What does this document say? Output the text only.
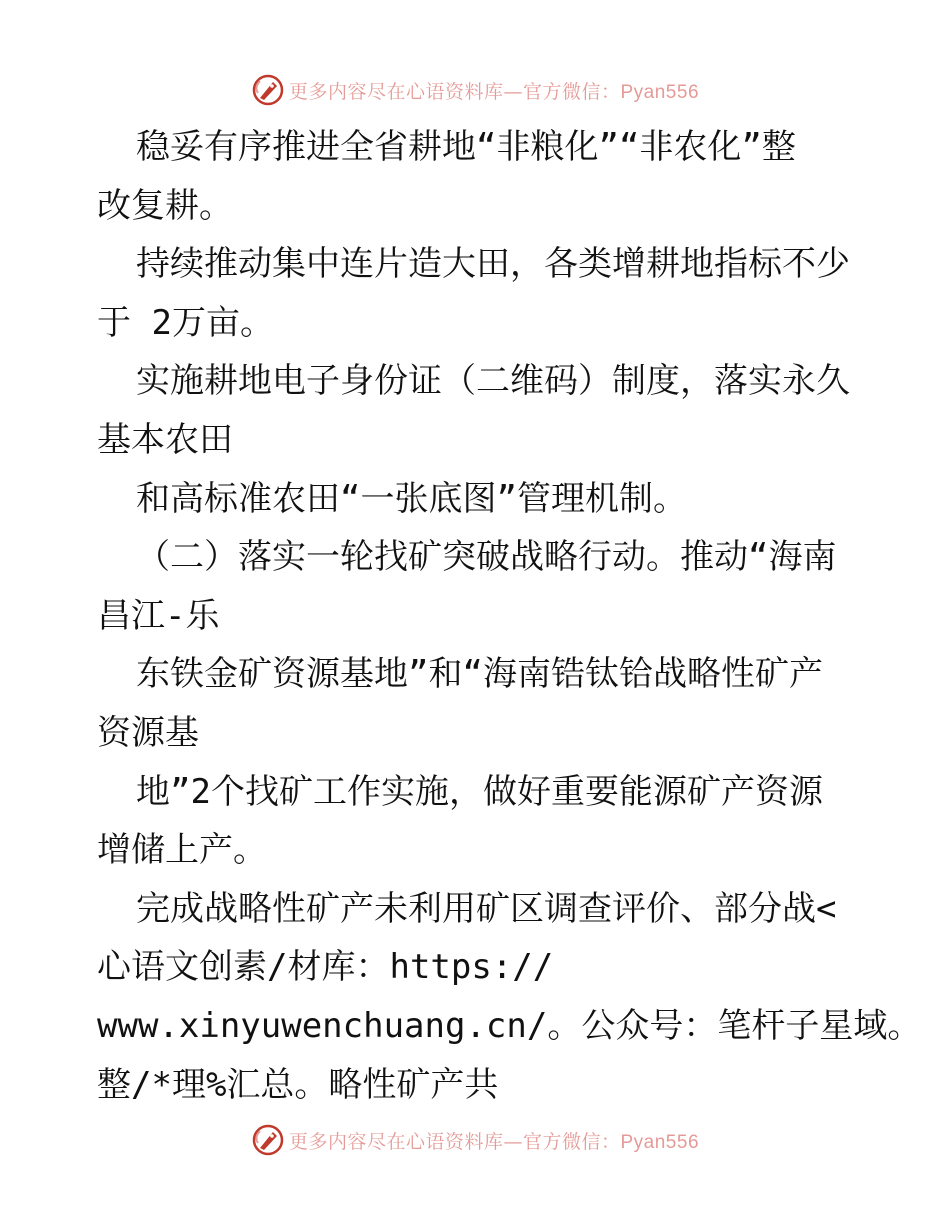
更多内容尽在心语资料库—官方微信：Pyan556
稳妥有序推进全省耕地“非粮化”“非农化”整
改复耕。
持续推动集中连片造大田，各类增耕地指标不少
于 2万亩。
实施耕地电子身份证（二维码）制度，落实永久
基本农田
和高标准农田“一张底图”管理机制。
（二）落实一轮找矿突破战略行动。推动“海南
昌江-乐
东铁金矿资源基地”和“海南锆钛铪战略性矿产
资源基
地”2个找矿工作实施，做好重要能源矿产资源
增储上产。
完成战略性矿产未利用矿区调查评价、部分战<
心语文创素/材库：https://
www.xinyuwenchuang.cn/。公众号：笔杆子星域。
整/*理%汇总。略性矿产共
更多内容尽在心语资料库—官方微信：Pyan556
